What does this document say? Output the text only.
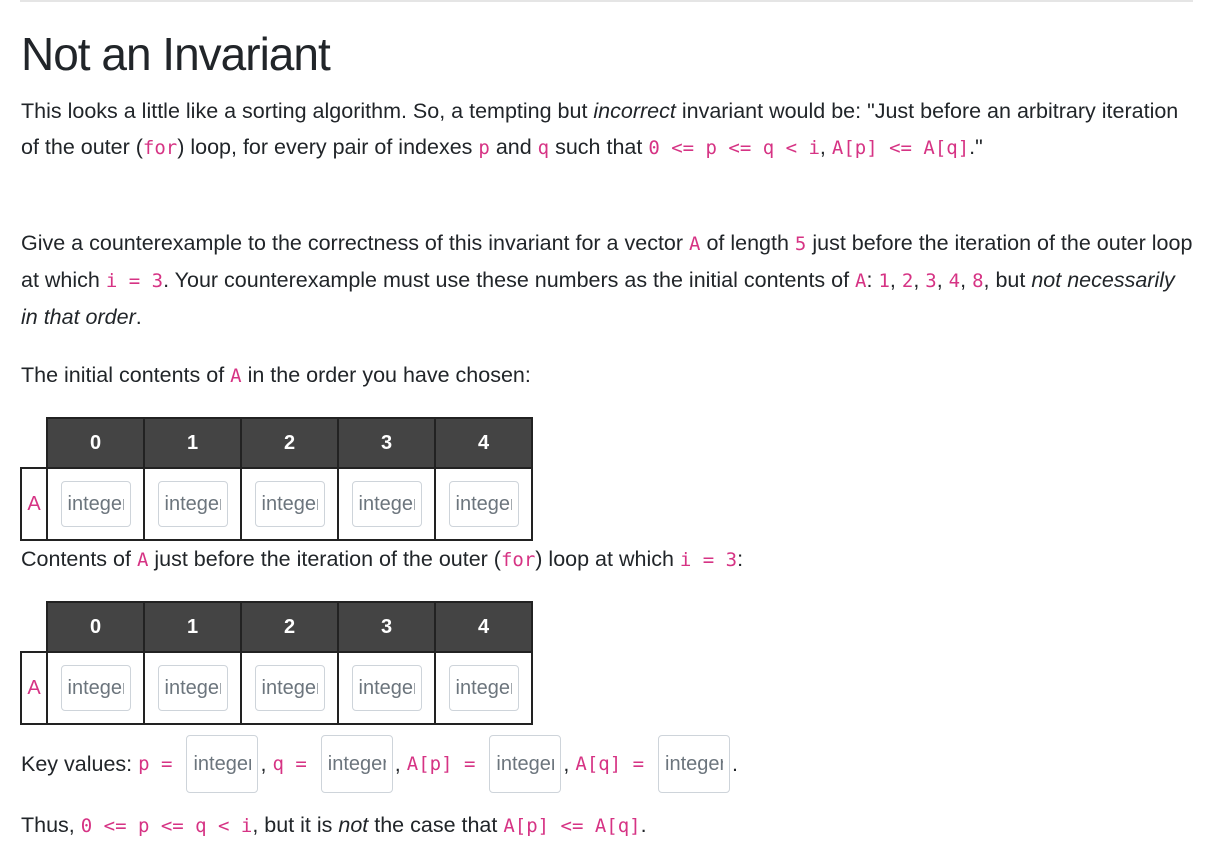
Not an Invariant

This looks a little like a sorting algorithm. So, a tempting but incorrect invariant would be: "Just before an arbitrary iteration of the outer (for) loop, for every pair of indexes p and q such that 0 <= p <= q < i, A[p] <= A[q]."

Give a counterexample to the correctness of this invariant for a vector A of length 5 just before the iteration of the outer loop at which i = 3. Your counterexample must use these numbers as the initial contents of A: 1, 2, 3, 4, 8, but not necessarily in that order.

The initial contents of A in the order you have chosen:

	0	1	2	3	4
A	integer	integer	integer	integer	integer

Contents of A just before the iteration of the outer (for) loop at which i = 3:

	0	1	2	3	4
A	integer	integer	integer	integer	integer
Key values: p =
integer	, q =
integer	, A[p] =
integer	, A[q] =
integer	.

Thus, 0 <= p <= q < i, but it is not the case that A[p] <= A[q].
